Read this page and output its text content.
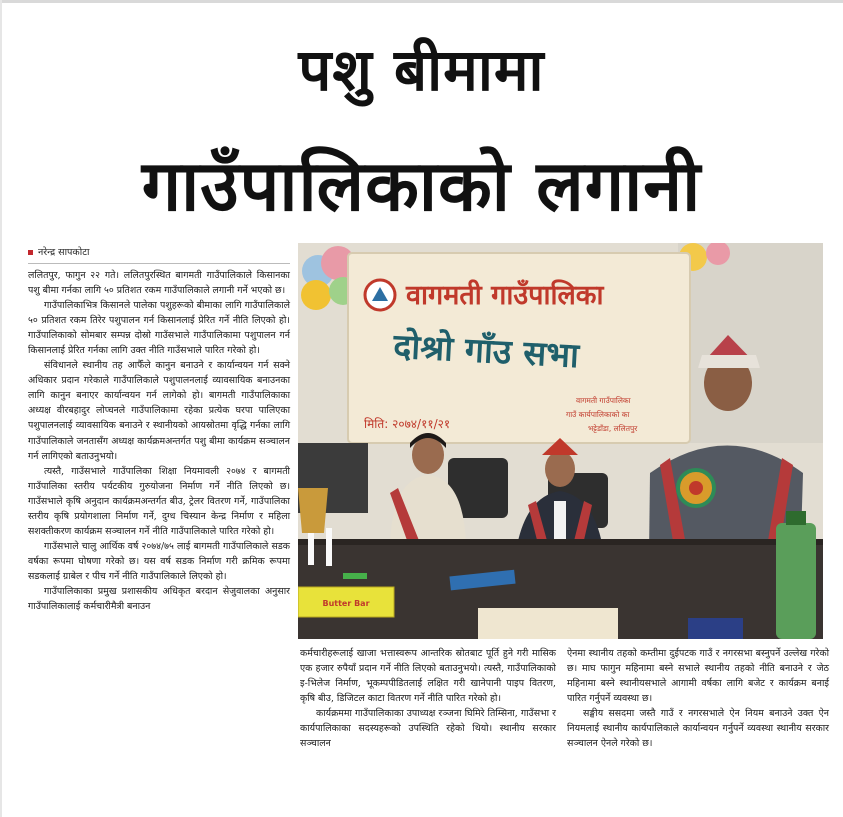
पशु बीमामा
गाउँपालिकाको लगानी
नरेन्द्र सापकोटा

ललितपुर, फागुन २२ गते। ललितपुरस्थित बागमती गाउँपालिकाले किसानका पशु बीमा गर्नका लागि ५० प्रतिशत रकम गाउँपालिकाले लगानी गर्ने भएको छ।

गाउँपालिकाभित्र किसानले पालेका पशुहरूको बीमाका लागि गाउँपालिकाले ५० प्रतिशत रकम तिरेर पशुपालन गर्न किसानलाई प्रेरित गर्ने नीति लिएको हो। गाउँपालिकाको सोमबार सम्पन्न दोस्रो गाउँसभाले गाउँपालिकामा पशुपालन गर्न किसानलाई प्रेरित गर्नका लागि उक्त नीति गाउँसभाले पारित गरेको हो।

संविधानले स्थानीय तह आफैँले कानुन बनाउने र कार्यान्वयन गर्न सक्ने अधिकार प्रदान गरेकाले गाउँपालिकाले पशुपालनलाई व्यावसायिक बनाउनका लागि कानुन बनाएर कार्यान्वयन गर्न लागेको हो। बागमती गाउँपालिकाका अध्यक्ष वीरबहादुर लोप्चनले गाउँपालिकामा रहेका प्रत्येक घरपा पालिएका पशुपालनलाई व्यावसायिक बनाउने र स्थानीयको आयस्रोतमा वृद्धि गर्नका लागि गाउँपालिकाले जनतासँग अध्यक्ष कार्यक्रमअन्तर्गत पशु बीमा कार्यक्रम सञ्चालन गर्न लागिएको बताउनुभयो।

त्यस्तै, गाउँसभाले गाउँपालिका शिक्षा नियमावली २०७४ र बागमती गाउँपालिका स्तरीय पर्यटकीय गुरुयोजना निर्माण गर्ने नीति लिएको छ। गाउँसभाले कृषि अनुदान कार्यक्रमअन्तर्गत बीउ, ट्रेलर वितरण गर्ने, गाउँपालिका स्तरीय कृषि प्रयोगशाला निर्माण गर्ने, दुग्ध चिस्यान केन्द्र निर्माण र महिला सशक्तीकरण कार्यक्रम सञ्चालन गर्ने नीति गाउँपालिकाले पारित गरेको हो।

गाउँसभाले चालु आर्थिक वर्ष २०७४/७५ लाई बागमती गाउँपालिकाले सडक वर्षका रूपमा घोषणा गरेको छ। यस वर्ष सडक निर्माण गरी क्रमिक रूपमा सडकलाई ग्राबेल र पीच गर्ने नीति गाउँपालिकाले लिएको हो।

गाउँपालिकाका प्रमुख प्रशासकीय अधिकृत बरदान सेजुवालका अनुसार गाउँपालिकालाई कर्मचारीमैत्री बनाउन

वागमती गाउँपालिका
दोश्रो गाँउ सभा
मिति: २०७४/११/२१
वागमती गाउँपालिका
गाउँ कार्यपालिकाको का
भट्टेडाँडा, ललितपुर
Butter Bar

कर्मचारीहरूलाई खाजा भत्तास्वरूप आन्तरिक स्रोतबाट पूर्ति हुने गरी मासिक एक हजार रुपैयाँ प्रदान गर्ने नीति लिएको बताउनुभयो। त्यस्तै, गाउँपालिकाको इ-भिलेज निर्माण, भूकम्पपीडितलाई लक्षित गरी खानेपानी पाइप वितरण, कृषि बीउ, डिजिटल काटा वितरण गर्ने नीति पारित गरेको हो।

कार्यक्रममा गाउँपालिकाका उपाध्यक्ष रञ्जना घिमिरे तिम्सिना, गाउँसभा र कार्यपालिकाका सदस्यहरूको उपस्थिति रहेको थियो। स्थानीय सरकार सञ्चालन

ऐनमा स्थानीय तहको कम्तीमा दुईपटक गाउँ र नगरसभा बस्नुपर्ने उल्लेख गरेको छ। माघ फागुन महिनामा बस्ने सभाले स्थानीय तहको नीति बनाउने र जेठ महिनामा बस्ने स्थानीयसभाले आगामी वर्षका लागि बजेट र कार्यक्रम बनाई पारित गर्नुपर्ने व्यवस्था छ।

सङ्घीय ससदमा जस्तै गाउँ र नगरसभाले ऐन नियम बनाउने उक्त ऐन नियमलाई स्थानीय कार्यपालिकाले कार्यान्वयन गर्नुपर्ने व्यवस्था स्थानीय सरकार सञ्चालन ऐनले गरेको छ।
